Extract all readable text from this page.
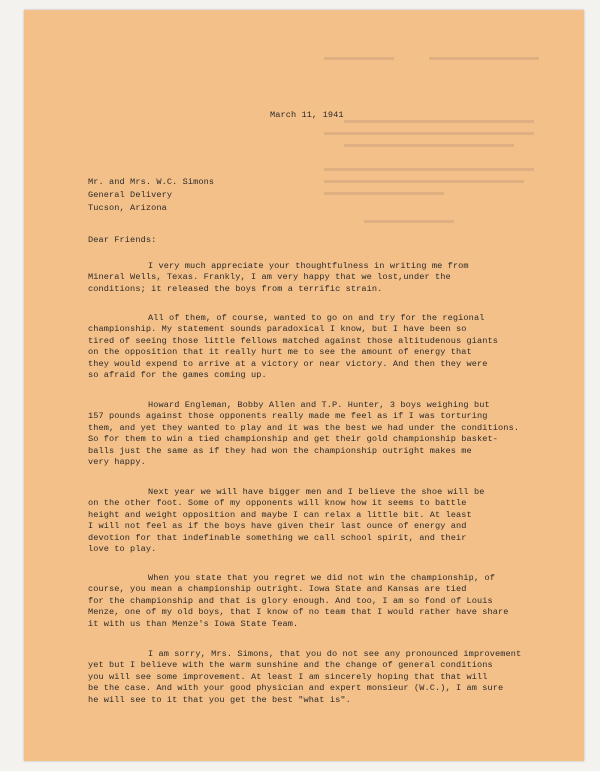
March 11, 1941
Mr. and Mrs. W.C. Simons
General Delivery
Tucson, Arizona
Dear Friends:
I very much appreciate your thoughtfulness in writing me from
Mineral Wells, Texas. Frankly, I am very happy that we lost,under the
conditions; it released the boys from a terrific strain.
All of them, of course, wanted to go on and try for the regional
championship. My statement sounds paradoxical I know, but I have been so
tired of seeing those little fellows matched against those altitudenous giants
on the opposition that it really hurt me to see the amount of energy that
they would expend to arrive at a victory or near victory. And then they were
so afraid for the games coming up.
Howard Engleman, Bobby Allen and T.P. Hunter, 3 boys weighing but
157 pounds against those opponents really made me feel as if I was torturing
them, and yet they wanted to play and it was the best we had under the conditions.
So for them to win a tied championship and get their gold championship basket-
balls just the same as if they had won the championship outright makes me
very happy.
Next year we will have bigger men and I believe the shoe will be
on the other foot. Some of my opponents will know how it seems to battle
height and weight opposition and maybe I can relax a little bit. At least
I will not feel as if the boys have given their last ounce of energy and
devotion for that indefinable something we call school spirit, and their
love to play.
When you state that you regret we did not win the championship, of
course, you mean a championship outright. Iowa State and Kansas are tied
for the championship and that is glory enough. And too, I am so fond of Louis
Menze, one of my old boys, that I know of no team that I would rather have share
it with us than Menze's Iowa State Team.
I am sorry, Mrs. Simons, that you do not see any pronounced improvement
yet but I believe with the warm sunshine and the change of general conditions
you will see some improvement. At least I am sincerely hoping that that will
be the case. And with your good physician and expert monsieur (W.C.), I am sure
he will see to it that you get the best "what is".
